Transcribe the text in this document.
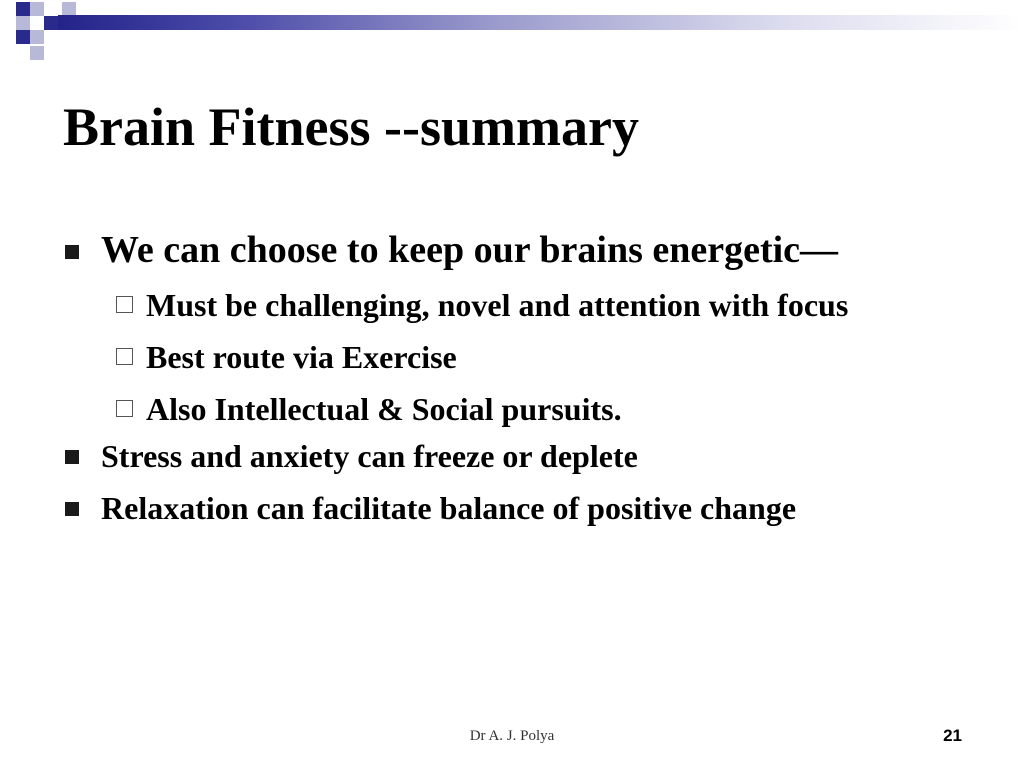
Brain Fitness --summary
We can choose to keep our brains energetic—
Must be challenging, novel and attention with focus
Best route via Exercise
Also Intellectual & Social pursuits.
Stress and anxiety can freeze or deplete
Relaxation can facilitate balance of positive change
Dr A. J. Polya	21
